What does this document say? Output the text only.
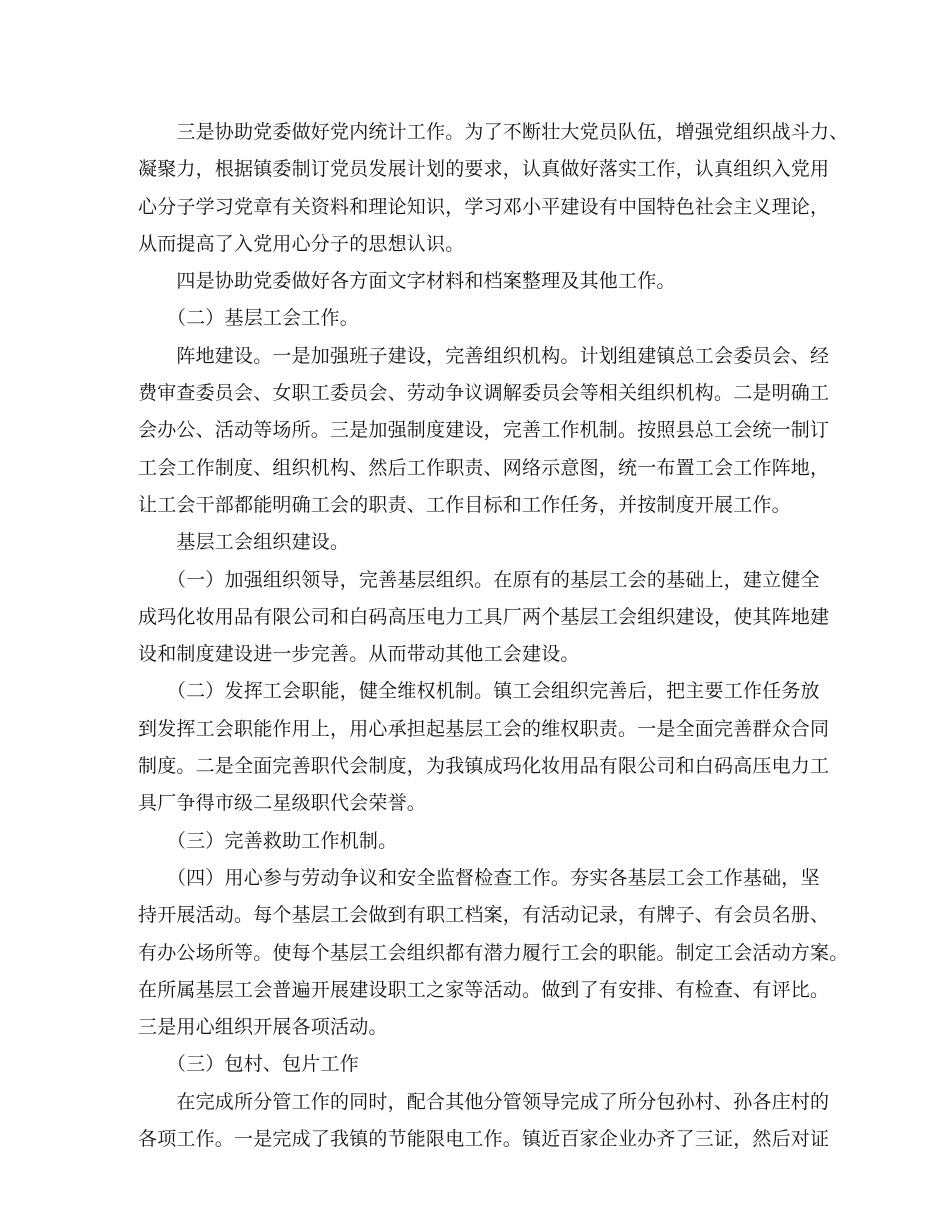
　　三是协助党委做好党内统计工作。为了不断壮大党员队伍，增强党组织战斗力、
凝聚力，根据镇委制订党员发展计划的要求，认真做好落实工作，认真组织入党用
心分子学习党章有关资料和理论知识，学习邓小平建设有中国特色社会主义理论，
从而提高了入党用心分子的思想认识。
　　四是协助党委做好各方面文字材料和档案整理及其他工作。
　　（二）基层工会工作。
　　阵地建设。一是加强班子建设，完善组织机构。计划组建镇总工会委员会、经
费审查委员会、女职工委员会、劳动争议调解委员会等相关组织机构。二是明确工
会办公、活动等场所。三是加强制度建设，完善工作机制。按照县总工会统一制订
工会工作制度、组织机构、然后工作职责、网络示意图，统一布置工会工作阵地，
让工会干部都能明确工会的职责、工作目标和工作任务，并按制度开展工作。
　　基层工会组织建设。
　　（一）加强组织领导，完善基层组织。在原有的基层工会的基础上，建立健全
成玛化妆用品有限公司和白码高压电力工具厂两个基层工会组织建设，使其阵地建
设和制度建设进一步完善。从而带动其他工会建设。
　　（二）发挥工会职能，健全维权机制。镇工会组织完善后，把主要工作任务放
到发挥工会职能作用上，用心承担起基层工会的维权职责。一是全面完善群众合同
制度。二是全面完善职代会制度，为我镇成玛化妆用品有限公司和白码高压电力工
具厂争得市级二星级职代会荣誉。
　　（三）完善救助工作机制。
　　（四）用心参与劳动争议和安全监督检查工作。夯实各基层工会工作基础，坚
持开展活动。每个基层工会做到有职工档案，有活动记录，有牌子、有会员名册、
有办公场所等。使每个基层工会组织都有潜力履行工会的职能。制定工会活动方案。
在所属基层工会普遍开展建设职工之家等活动。做到了有安排、有检查、有评比。
三是用心组织开展各项活动。
　　（三）包村、包片工作
　　在完成所分管工作的同时，配合其他分管领导完成了所分包孙村、孙各庄村的
各项工作。一是完成了我镇的节能限电工作。镇近百家企业办齐了三证，然后对证
